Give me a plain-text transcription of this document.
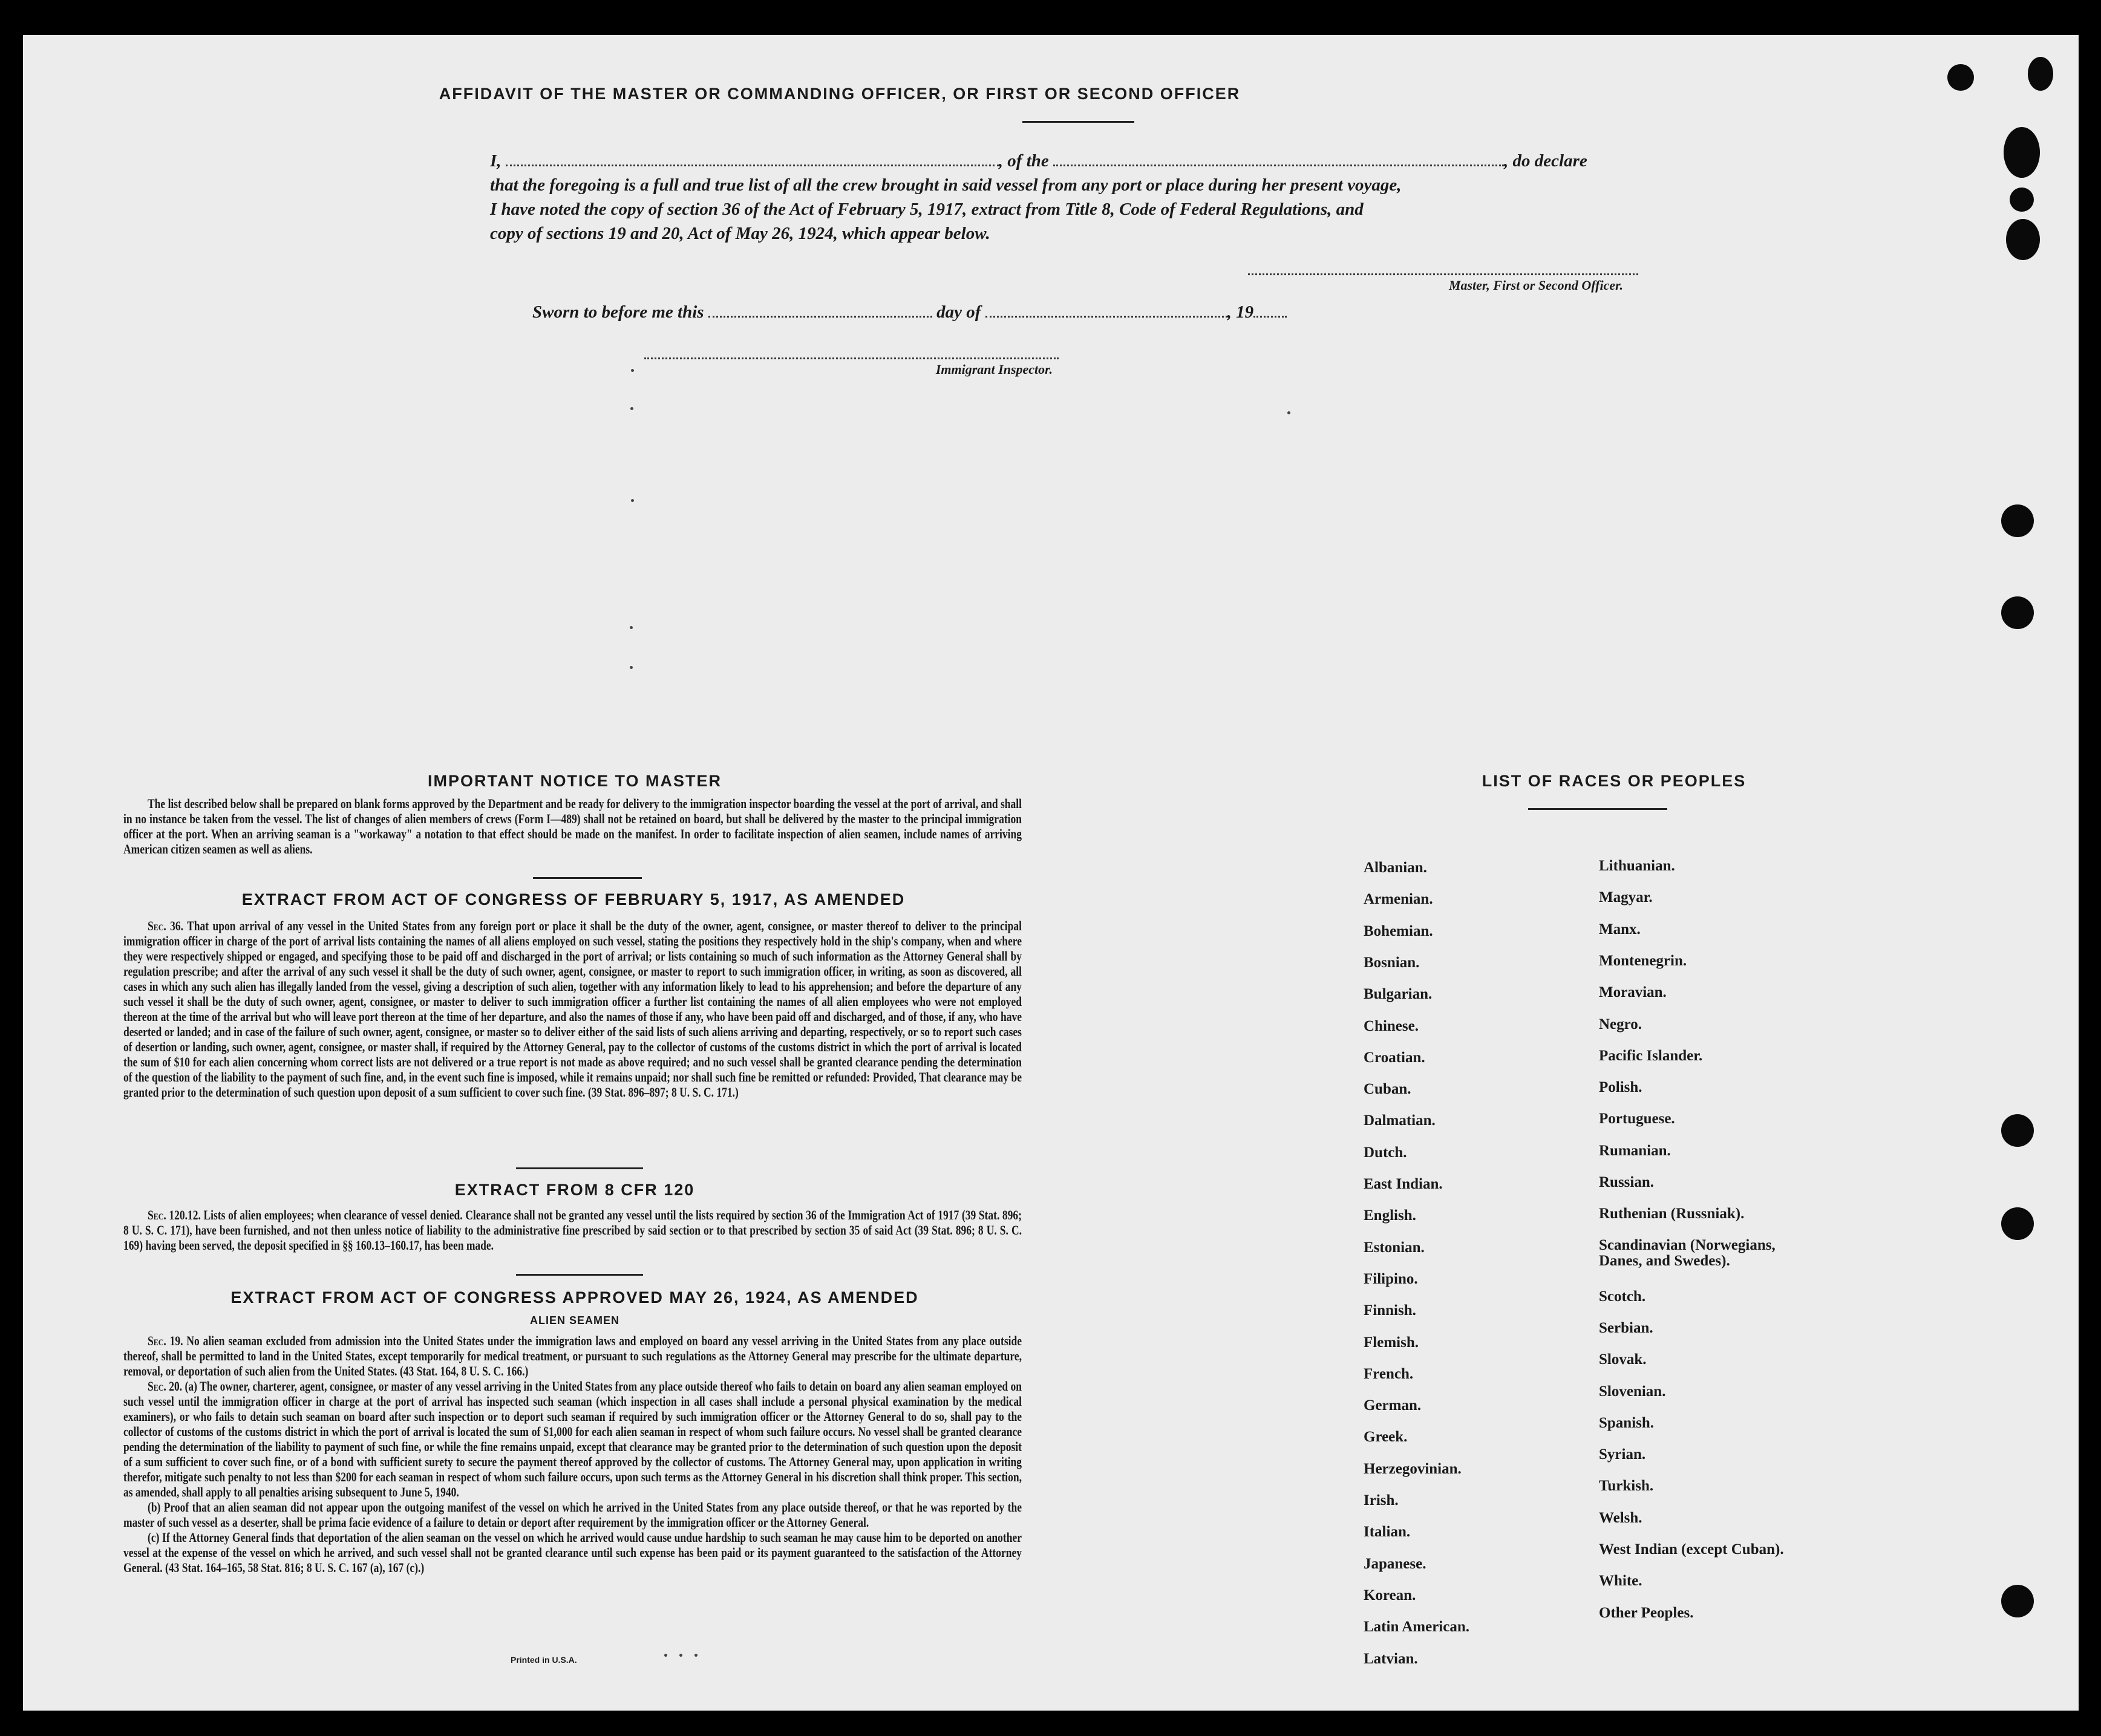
AFFIDAVIT OF THE MASTER OR COMMANDING OFFICER, OR FIRST OR SECOND OFFICER
I,	, of the	, do declare
that the foregoing is a full and true list of all the crew brought in said vessel from any port or place during her present voyage,
I have noted the copy of section 36 of the Act of February 5, 1917, extract from Title 8, Code of Federal Regulations, and
copy of sections 19 and 20, Act of May 26, 1924, which appear below.
Master, First or Second Officer.
Sworn to before me this	day of	, 19
Immigrant Inspector.
IMPORTANT NOTICE TO MASTER

The list described below shall be prepared on blank forms approved by the Department and be ready for delivery to the immigration inspector boarding the vessel at the port of arrival, and shall in no instance be taken from the vessel. The list of changes of alien members of crews (Form I—489) shall not be retained on board, but shall be delivered by the master to the principal immigration officer at the port. When an arriving seaman is a "workaway" a notation to that effect should be made on the manifest. In order to facilitate inspection of alien seamen, include names of arriving American citizen seamen as well as aliens.

EXTRACT FROM ACT OF CONGRESS OF FEBRUARY 5, 1917, AS AMENDED

Sec. 36. That upon arrival of any vessel in the United States from any foreign port or place it shall be the duty of the owner, agent, consignee, or master thereof to deliver to the principal immigration officer in charge of the port of arrival lists containing the names of all aliens employed on such vessel, stating the positions they respectively hold in the ship's company, when and where they were respectively shipped or engaged, and specifying those to be paid off and discharged in the port of arrival; or lists containing so much of such information as the Attorney General shall by regulation prescribe; and after the arrival of any such vessel it shall be the duty of such owner, agent, consignee, or master to report to such immigration officer, in writing, as soon as discovered, all cases in which any such alien has illegally landed from the vessel, giving a description of such alien, together with any information likely to lead to his apprehension; and before the departure of any such vessel it shall be the duty of such owner, agent, consignee, or master to deliver to such immigration officer a further list containing the names of all alien employees who were not employed thereon at the time of the arrival but who will leave port thereon at the time of her departure, and also the names of those if any, who have been paid off and discharged, and of those, if any, who have deserted or landed; and in case of the failure of such owner, agent, consignee, or master so to deliver either of the said lists of such aliens arriving and departing, respectively, or so to report such cases of desertion or landing, such owner, agent, consignee, or master shall, if required by the Attorney General, pay to the collector of customs of the customs district in which the port of arrival is located the sum of $10 for each alien concerning whom correct lists are not delivered or a true report is not made as above required; and no such vessel shall be granted clearance pending the determination of the question of the liability to the payment of such fine, and, in the event such fine is imposed, while it remains unpaid; nor shall such fine be remitted or refunded: Provided, That clearance may be granted prior to the determination of such question upon deposit of a sum sufficient to cover such fine. (39 Stat. 896–897; 8 U. S. C. 171.)

EXTRACT FROM 8 CFR 120

Sec. 120.12. Lists of alien employees; when clearance of vessel denied. Clearance shall not be granted any vessel until the lists required by section 36 of the Immigration Act of 1917 (39 Stat. 896; 8 U. S. C. 171), have been furnished, and not then unless notice of liability to the administrative fine prescribed by said section or to that prescribed by section 35 of said Act (39 Stat. 896; 8 U. S. C. 169) having been served, the deposit specified in §§ 160.13–160.17, has been made.

EXTRACT FROM ACT OF CONGRESS APPROVED MAY 26, 1924, AS AMENDED
ALIEN SEAMEN

Sec. 19. No alien seaman excluded from admission into the United States under the immigration laws and employed on board any vessel arriving in the United States from any place outside thereof, shall be permitted to land in the United States, except temporarily for medical treatment, or pursuant to such regulations as the Attorney General may prescribe for the ultimate departure, removal, or deportation of such alien from the United States. (43 Stat. 164, 8 U. S. C. 166.)

Sec. 20. (a) The owner, charterer, agent, consignee, or master of any vessel arriving in the United States from any place outside thereof who fails to detain on board any alien seaman employed on such vessel until the immigration officer in charge at the port of arrival has inspected such seaman (which inspection in all cases shall include a personal physical examination by the medical examiners), or who fails to detain such seaman on board after such inspection or to deport such seaman if required by such immigration officer or the Attorney General to do so, shall pay to the collector of customs of the customs district in which the port of arrival is located the sum of $1,000 for each alien seaman in respect of whom such failure occurs. No vessel shall be granted clearance pending the determination of the liability to payment of such fine, or while the fine remains unpaid, except that clearance may be granted prior to the determination of such question upon the deposit of a sum sufficient to cover such fine, or of a bond with sufficient surety to secure the payment thereof approved by the collector of customs. The Attorney General may, upon application in writing therefor, mitigate such penalty to not less than $200 for each seaman in respect of whom such failure occurs, upon such terms as the Attorney General in his discretion shall think proper. This section, as amended, shall apply to all penalties arising subsequent to June 5, 1940.

(b) Proof that an alien seaman did not appear upon the outgoing manifest of the vessel on which he arrived in the United States from any place outside thereof, or that he was reported by the master of such vessel as a deserter, shall be prima facie evidence of a failure to detain or deport after requirement by the immigration officer or the Attorney General.

(c) If the Attorney General finds that deportation of the alien seaman on the vessel on which he arrived would cause undue hardship to such seaman he may cause him to be deported on another vessel at the expense of the vessel on which he arrived, and such vessel shall not be granted clearance until such expense has been paid or its payment guaranteed to the satisfaction of the Attorney General. (43 Stat. 164–165, 58 Stat. 816; 8 U. S. C. 167 (a), 167 (c).)

Printed in U.S.A.
LIST OF RACES OR PEOPLES
Albanian.
Armenian.
Bohemian.
Bosnian.
Bulgarian.
Chinese.
Croatian.
Cuban.
Dalmatian.
Dutch.
East Indian.
English.
Estonian.
Filipino.
Finnish.
Flemish.
French.
German.
Greek.
Herzegovinian.
Irish.
Italian.
Japanese.
Korean.
Latin American.
Latvian.
Lithuanian.
Magyar.
Manx.
Montenegrin.
Moravian.
Negro.
Pacific Islander.
Polish.
Portuguese.
Rumanian.
Russian.
Ruthenian (Russniak).
Scandinavian (Norwegians, Danes, and Swedes).
Scotch.
Serbian.
Slovak.
Slovenian.
Spanish.
Syrian.
Turkish.
Welsh.
West Indian (except Cuban).
White.
Other Peoples.
